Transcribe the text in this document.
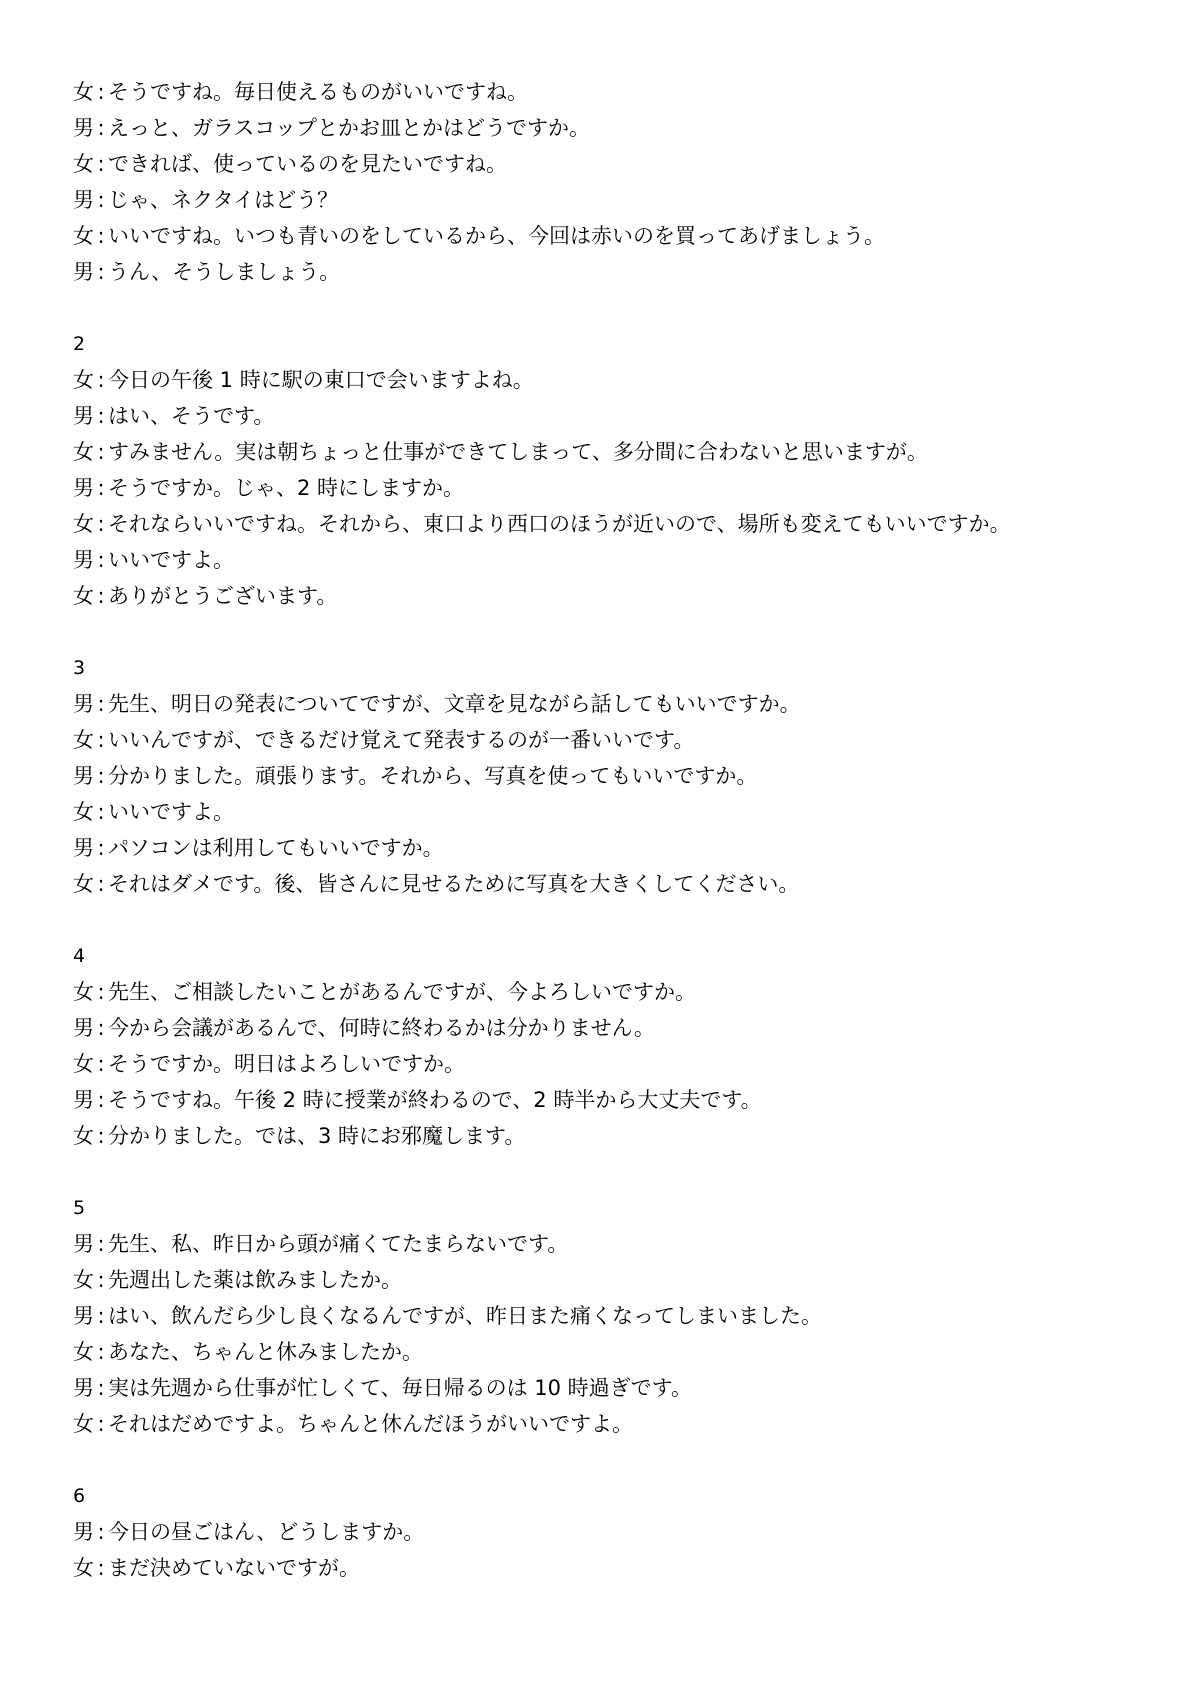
女 : そうですね。毎日使えるものがいいですね。
男 : えっと、ガラスコップとかお皿とかはどうですか。
女 : できれば、使っているのを見たいですね。
男 : じゃ、ネクタイはどう？
女 : いいですね。いつも青いのをしているから、今回は赤いのを買ってあげましょう。
男 : うん、そうしましょう。
2
女 : 今日の午後 1 時に駅の東口で会いますよね。
男 : はい、そうです。
女 : すみません。実は朝ちょっと仕事ができてしまって、多分間に合わないと思いますが。
男 : そうですか。じゃ、2 時にしますか。
女 : それならいいですね。それから、東口より西口のほうが近いので、場所も変えてもいいですか。
男 : いいですよ。
女 : ありがとうございます。
3
男 : 先生、明日の発表についてですが、文章を見ながら話してもいいですか。
女 : いいんですが、できるだけ覚えて発表するのが一番いいです。
男 : 分かりました。頑張ります。それから、写真を使ってもいいですか。
女 : いいですよ。
男 : パソコンは利用してもいいですか。
女 : それはダメです。後、皆さんに見せるために写真を大きくしてください。
4
女 : 先生、ご相談したいことがあるんですが、今よろしいですか。
男 : 今から会議があるんで、何時に終わるかは分かりません。
女 : そうですか。明日はよろしいですか。
男 : そうですね。午後 2 時に授業が終わるので、2 時半から大丈夫です。
女 : 分かりました。では、3 時にお邪魔します。
5
男 : 先生、私、昨日から頭が痛くてたまらないです。
女 : 先週出した薬は飲みましたか。
男 : はい、飲んだら少し良くなるんですが、昨日また痛くなってしまいました。
女 : あなた、ちゃんと休みましたか。
男 : 実は先週から仕事が忙しくて、毎日帰るのは 10 時過ぎです。
女 : それはだめですよ。ちゃんと休んだほうがいいですよ。
6
男 : 今日の昼ごはん、どうしますか。
女 : まだ決めていないですが。
